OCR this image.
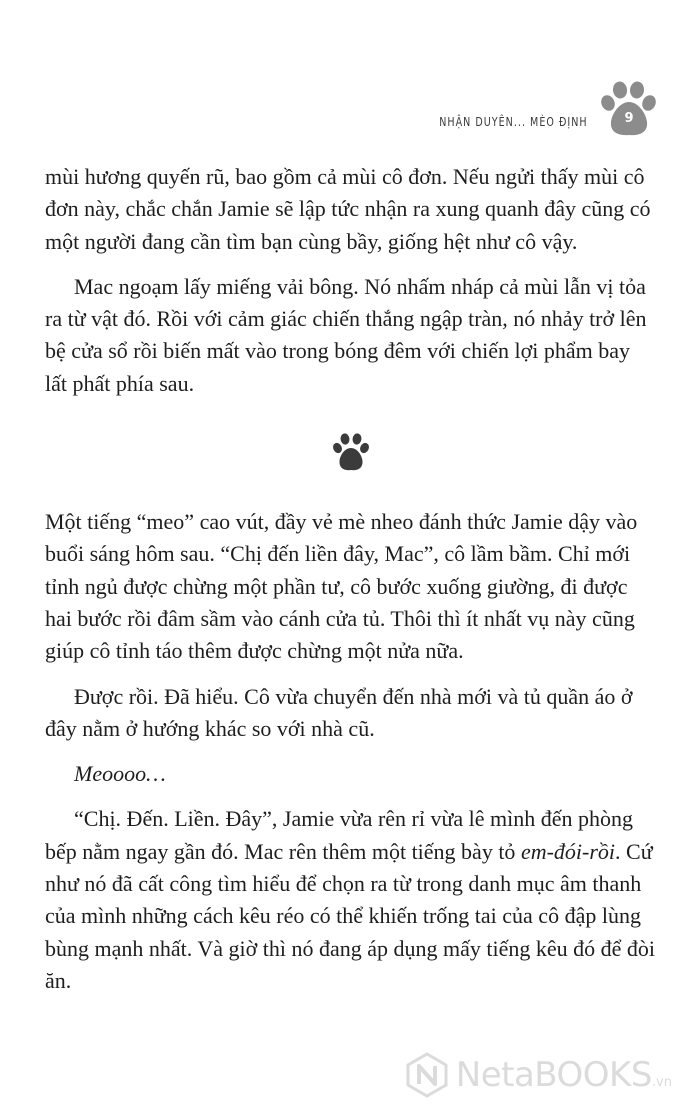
NHẬN DUYÊN... MÈO ĐỊNH	9

mùi hương quyến rũ, bao gồm cả mùi cô đơn. Nếu ngửi thấy mùi cô đơn này, chắc chắn Jamie sẽ lập tức nhận ra xung quanh đây cũng có một người đang cần tìm bạn cùng bầy, giống hệt như cô vậy.

Mac ngoạm lấy miếng vải bông. Nó nhấm nháp cả mùi lẫn vị tỏa ra từ vật đó. Rồi với cảm giác chiến thắng ngập tràn, nó nhảy trở lên bệ cửa sổ rồi biến mất vào trong bóng đêm với chiến lợi phẩm bay lất phất phía sau.

Một tiếng “meo” cao vút, đầy vẻ mè nheo đánh thức Jamie dậy vào buổi sáng hôm sau. “Chị đến liền đây, Mac”, cô lầm bầm. Chỉ mới tỉnh ngủ được chừng một phần tư, cô bước xuống giường, đi được hai bước rồi đâm sầm vào cánh cửa tủ. Thôi thì ít nhất vụ này cũng giúp cô tỉnh táo thêm được chừng một nửa nữa.

Được rồi. Đã hiểu. Cô vừa chuyển đến nhà mới và tủ quần áo ở đây nằm ở hướng khác so với nhà cũ.

Meoooo…

“Chị. Đến. Liền. Đây”, Jamie vừa rên rỉ vừa lê mình đến phòng bếp nằm ngay gần đó. Mac rên thêm một tiếng bày tỏ em-đói-rồi. Cứ như nó đã cất công tìm hiểu để chọn ra từ trong danh mục âm thanh của mình những cách kêu réo có thể khiến trống tai của cô đập lùng bùng mạnh nhất. Và giờ thì nó đang áp dụng mấy tiếng kêu đó để đòi ăn.

NetaBOOKS .vn
